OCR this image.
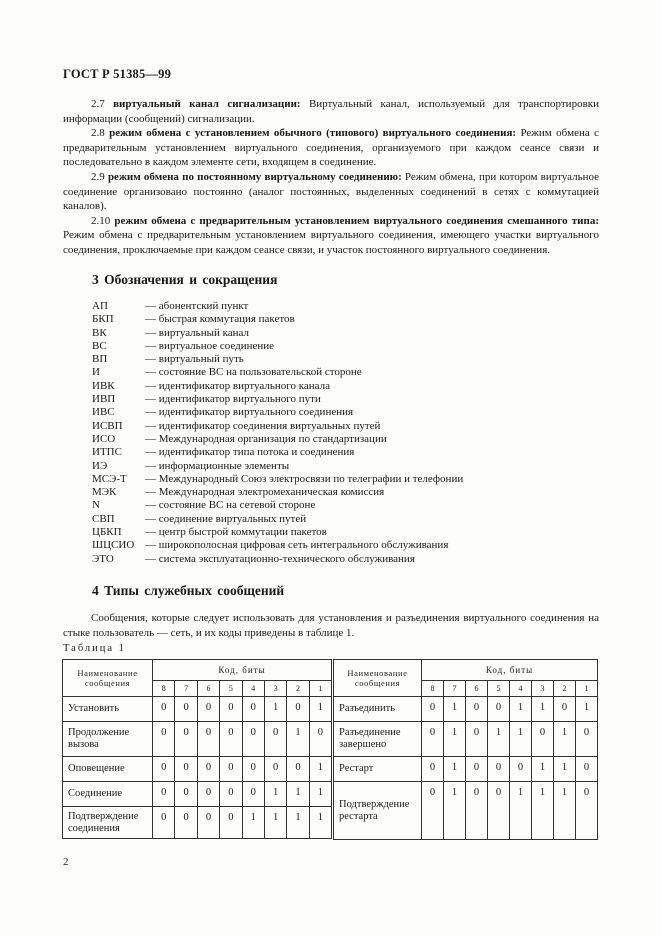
ГОСТ Р 51385—99

2.7 виртуальный канал сигнализации: Виртуальный канал, используемый для транспортировки информации (сообщений) сигнализации.

2.8 режим обмена с установлением обычного (типового) виртуального соединения: Режим обмена с предварительным установлением виртуального соединения, организуемого при каждом сеансе связи и последовательно в каждом элементе сети, входящем в соединение.

2.9 режим обмена по постоянному виртуальному соединению: Режим обмена, при котором виртуальное соединение организовано постоянно (аналог постоянных, выделенных соединений в сетях с коммутацией каналов).

2.10 режим обмена с предварительным установлением виртуального соединения смешанного типа: Режим обмена с предварительным установлением виртуального соединения, имеющего участки виртуального соединения, проключаемые при каждом сеансе связи, и участок постоянного виртуального соединения.

3 Обозначения и сокращения
АП	— абонентский пункт
БКП	— быстрая коммутация пакетов
ВК	— виртуальный канал
ВС	— виртуальное соединение
ВП	— виртуальный путь
И	— состояние ВС на пользовательской стороне
ИВК	— идентификатор виртуального канала
ИВП	— идентификатор виртуального пути
ИВС	— идентификатор виртуального соединения
ИСВП — идентификатор соединения виртуальных путей
ИСО	— Международная организация по стандартизации
ИТПС — идентификатор типа потока и соединения
ИЭ	— информационные элементы
МСЭ-Т — Международный Союз электросвязи по телеграфии и телефонии
МЭК	— Международная электромеханическая комиссия
N	— состояние ВС на сетевой стороне
СВП	— соединение виртуальных путей
ЦБКП — центр быстрой коммутации пакетов
ШЦСИО — широкополосная цифровая сеть интегрального обслуживания
ЭТО	— система эксплуатационно-технического обслуживания
4 Типы служебных сообщений

Сообщения, которые следует использовать для установления и разъединения виртуального соединения на стыке пользователь — сеть, и их коды приведены в таблице 1.

Таблица 1
Наименование сообщения	Код, биты							
	8	7	6	5	4	3	2	1
Установить	0	0	0	0	0	1	0	1
Продолжение вызова	0	0	0	0	0	0	1	0
Оповещение	0	0	0	0	0	0	0	1
Соединение	0	0	0	0	0	1	1	1
Подтверждение соединения	0	0	0	0	1	1	1	1
Наименование сообщения	Код, биты							
	8	7	6	5	4	3	2	1
Разъединить	0	1	0	0	1	1	0	1
Разъединение завершено	0	1	0	1	1	0	1	0
Рестарт	0	1	0	0	0	1	1	0
Подтверждение рестарта	0	1	0	0	1	1	1	0
2
